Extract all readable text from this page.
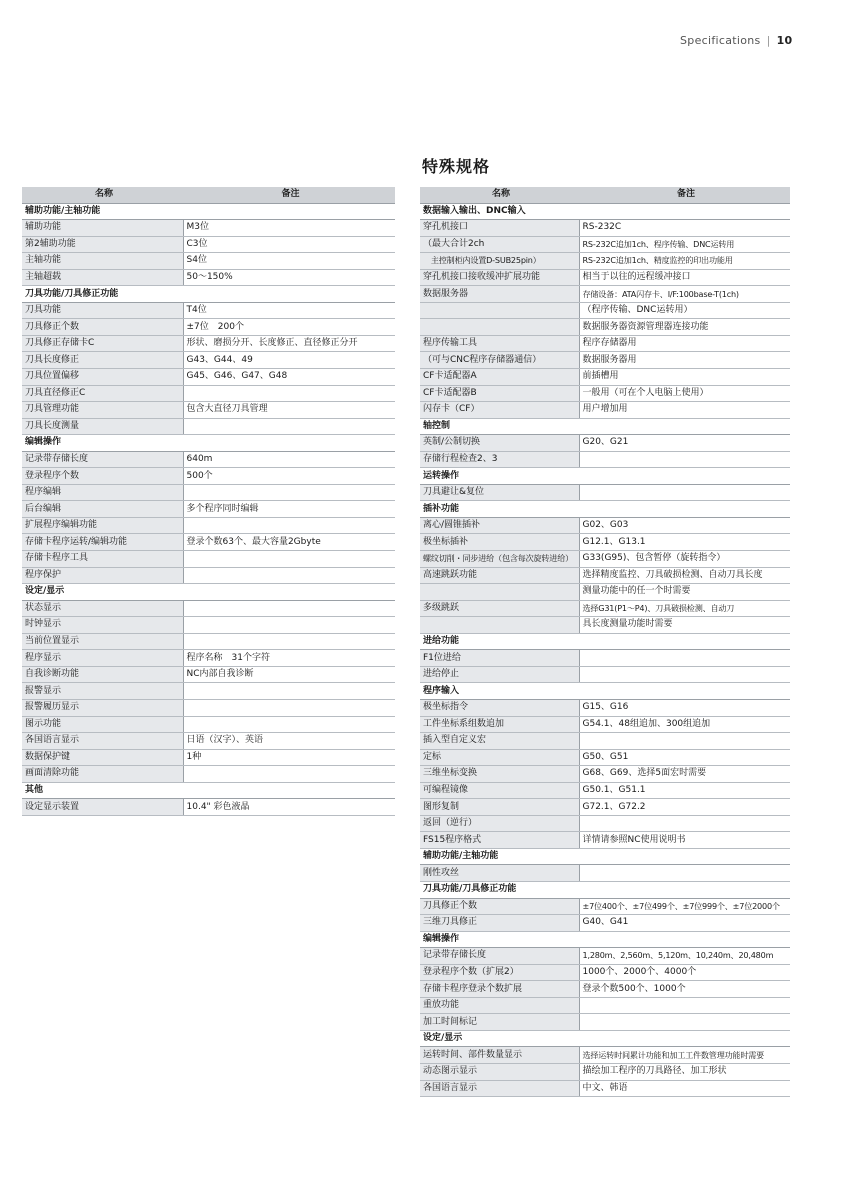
Specifications | 10
特殊规格
名称	备注
辅助功能/主轴功能	
辅助功能	M3位
第2辅助功能	C3位
主轴功能	S4位
主轴超载	50～150%
刀具功能/刀具修正功能	
刀具功能	T4位
刀具修正个数	±7位　200个
刀具修正存储卡C	形状、磨损分开、长度修正、直径修正分开
刀具长度修正	G43、G44、49
刀具位置偏移	G45、G46、G47、G48
刀具直径修正C	
刀具管理功能	包含大直径刀具管理
刀具长度测量	
编辑操作	
记录带存储长度	640m
登录程序个数	500个
程序编辑	
后台编辑	多个程序同时编辑
扩展程序编辑功能	
存储卡程序运转/编辑功能	登录个数63个、最大容量2Gbyte
存储卡程序工具	
程序保护	
设定/显示	
状态显示	
时钟显示	
当前位置显示	
程序显示	程序名称　31个字符
自我诊断功能	NC内部自我诊断
报警显示	
报警履历显示	
图示功能	
各国语言显示	日语（汉字）、英语
数据保护键	1种
画面清除功能	
其他	
设定显示装置	10.4" 彩色液晶
名称	备注
数据输入输出、DNC输入	
穿孔机接口	RS-232C
（最大合计2ch	RS-232C追加1ch、程序传输、DNC运转用
　主控制柜内设置D-SUB25pin）	RS-232C追加1ch、精度监控的印出功能用
穿孔机接口接收缓冲扩展功能	相当于以往的远程缓冲接口
数据服务器	存储设备：ATA闪存卡、I/F:100base-T(1ch)
	（程序传输、DNC运转用）
	数据服务器资源管理器连接功能
程序传输工具	程序存储器用
（可与CNC程序存储器通信）	数据服务器用
CF卡适配器A	前插槽用
CF卡适配器B	一般用（可在个人电脑上使用）
闪存卡（CF）	用户增加用
轴控制	
英制/公制切换	G20、G21
存储行程检查2、3	
运转操作	
刀具避让&复位	
插补功能	
离心/圆锥插补	G02、G03
极坐标插补	G12.1、G13.1
螺纹切削・同步进给（包含每次旋转进给）	G33(G95)、包含暂停（旋转指令）
高速跳跃功能	选择精度监控、刀具破损检测、自动刀具长度
	测量功能中的任一个时需要
多级跳跃	选择G31(P1～P4)、刀具破损检测、自动刀
	具长度测量功能时需要
进给功能	
F1位进给	
进给停止	
程序输入	
极坐标指令	G15、G16
工件坐标系组数追加	G54.1、48组追加、300组追加
插入型自定义宏	
定标	G50、G51
三维坐标变换	G68、G69、选择5面宏时需要
可编程镜像	G50.1、G51.1
图形复制	G72.1、G72.2
返回（逆行）	
FS15程序格式	详情请参照NC使用说明书
辅助功能/主轴功能	
刚性攻丝	
刀具功能/刀具修正功能	
刀具修正个数	±7位400个、±7位499个、±7位999个、±7位2000个
三维刀具修正	G40、G41
编辑操作	
记录带存储长度	1,280m、2,560m、5,120m、10,240m、20,480m
登录程序个数（扩展2）	1000个、2000个、4000个
存储卡程序登录个数扩展	登录个数500个、1000个
重放功能	
加工时间标记	
设定/显示	
运转时间、部件数量显示	选择运转时间累计功能和加工工件数管理功能时需要
动态图示显示	描绘加工程序的刀具路径、加工形状
各国语言显示	中文、韩语
